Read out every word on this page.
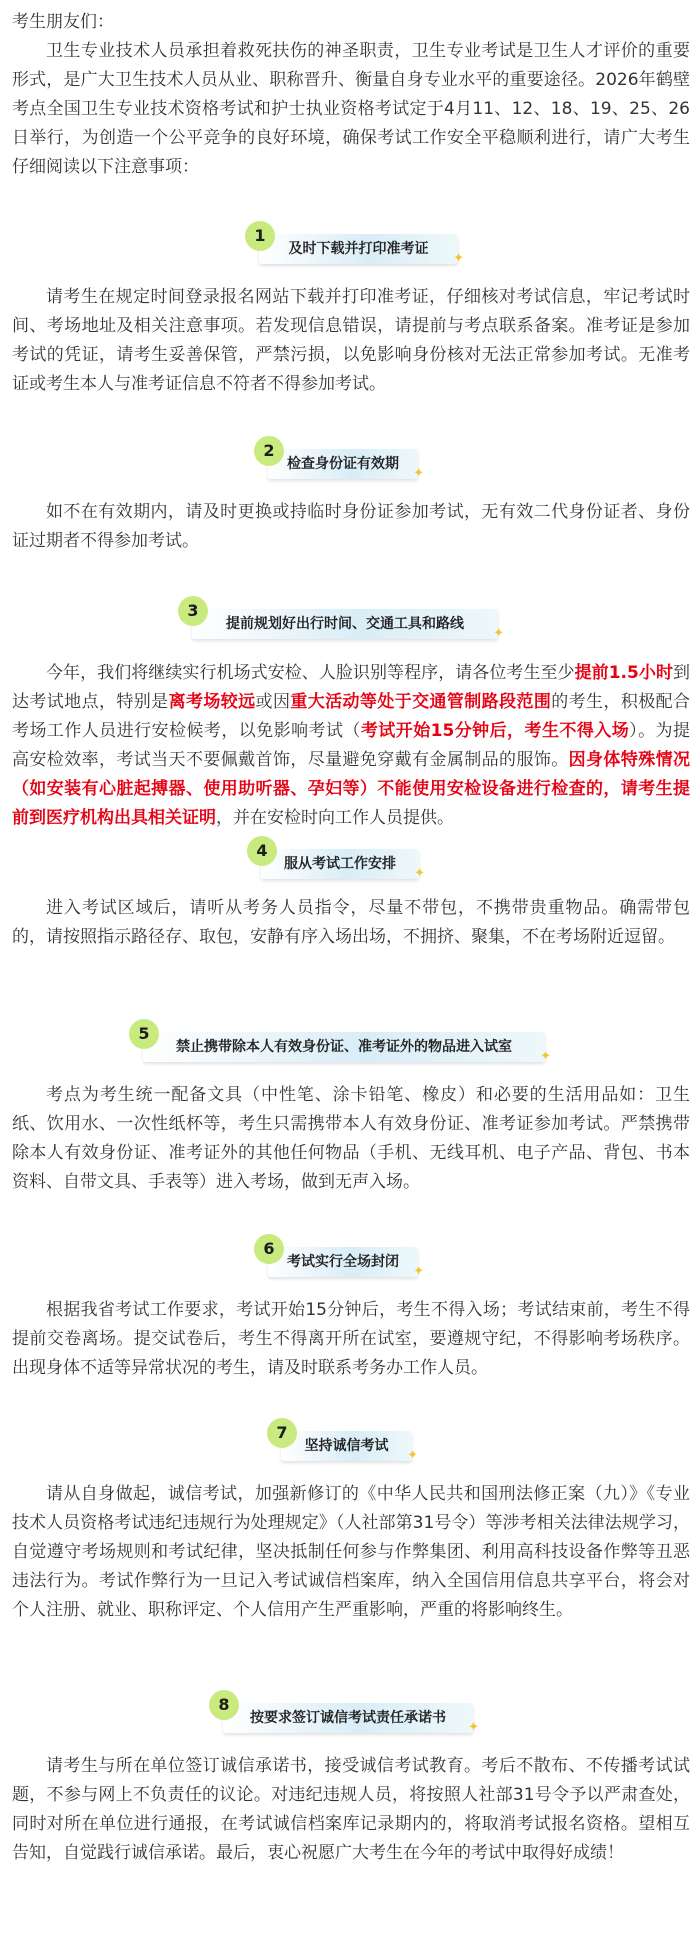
考生朋友们：

卫生专业技术人员承担着救死扶伤的神圣职责，卫生专业考试是卫生人才评价的重要形式，是广大卫生技术人员从业、职称晋升、衡量自身专业水平的重要途径。2026年鹤壁考点全国卫生专业技术资格考试和护士执业资格考试定于4月11、12、18、19、25、26日举行，为创造一个公平竞争的良好环境，确保考试工作安全平稳顺利进行，请广大考生仔细阅读以下注意事项：

1
及时下载并打印准考证
✦

请考生在规定时间登录报名网站下载并打印准考证，仔细核对考试信息，牢记考试时间、考场地址及相关注意事项。若发现信息错误，请提前与考点联系备案。准考证是参加考试的凭证，请考生妥善保管，严禁污损，以免影响身份核对无法正常参加考试。无准考证或考生本人与准考证信息不符者不得参加考试。

2
检查身份证有效期
✦

如不在有效期内，请及时更换或持临时身份证参加考试，无有效二代身份证者、身份证过期者不得参加考试。

3
提前规划好出行时间、交通工具和路线
✦

今年，我们将继续实行机场式安检、人脸识别等程序，请各位考生至少提前1.5小时到达考试地点，特别是离考场较远或因重大活动等处于交通管制路段范围的考生，积极配合考场工作人员进行安检候考，以免影响考试（考试开始15分钟后，考生不得入场）。为提高安检效率，考试当天不要佩戴首饰，尽量避免穿戴有金属制品的服饰。因身体特殊情况（如安装有心脏起搏器、使用助听器、孕妇等）不能使用安检设备进行检查的，请考生提前到医疗机构出具相关证明，并在安检时向工作人员提供。

4
服从考试工作安排
✦

进入考试区域后，请听从考务人员指令，尽量不带包，不携带贵重物品。确需带包的，请按照指示路径存、取包，安静有序入场出场，不拥挤、聚集，不在考场附近逗留。

5
禁止携带除本人有效身份证、准考证外的物品进入试室
✦

考点为考生统一配备文具（中性笔、涂卡铅笔、橡皮）和必要的生活用品如：卫生纸、饮用水、一次性纸杯等，考生只需携带本人有效身份证、准考证参加考试。严禁携带除本人有效身份证、准考证外的其他任何物品（手机、无线耳机、电子产品、背包、书本资料、自带文具、手表等）进入考场，做到无声入场。

6
考试实行全场封闭
✦

根据我省考试工作要求，考试开始15分钟后，考生不得入场；考试结束前，考生不得提前交卷离场。提交试卷后，考生不得离开所在试室，要遵规守纪，不得影响考场秩序。出现身体不适等异常状况的考生，请及时联系考务办工作人员。

7
坚持诚信考试
✦

请从自身做起，诚信考试，加强新修订的《中华人民共和国刑法修正案（九）》《专业技术人员资格考试违纪违规行为处理规定》（人社部第31号令）等涉考相关法律法规学习，自觉遵守考场规则和考试纪律，坚决抵制任何参与作弊集团、利用高科技设备作弊等丑恶违法行为。考试作弊行为一旦记入考试诚信档案库，纳入全国信用信息共享平台，将会对个人注册、就业、职称评定、个人信用产生严重影响，严重的将影响终生。

8
按要求签订诚信考试责任承诺书
✦

请考生与所在单位签订诚信承诺书，接受诚信考试教育。考后不散布、不传播考试试题，不参与网上不负责任的议论。对违纪违规人员，将按照人社部31号令予以严肃查处，同时对所在单位进行通报，在考试诚信档案库记录期内的，将取消考试报名资格。望相互告知，自觉践行诚信承诺。最后，衷心祝愿广大考生在今年的考试中取得好成绩！
